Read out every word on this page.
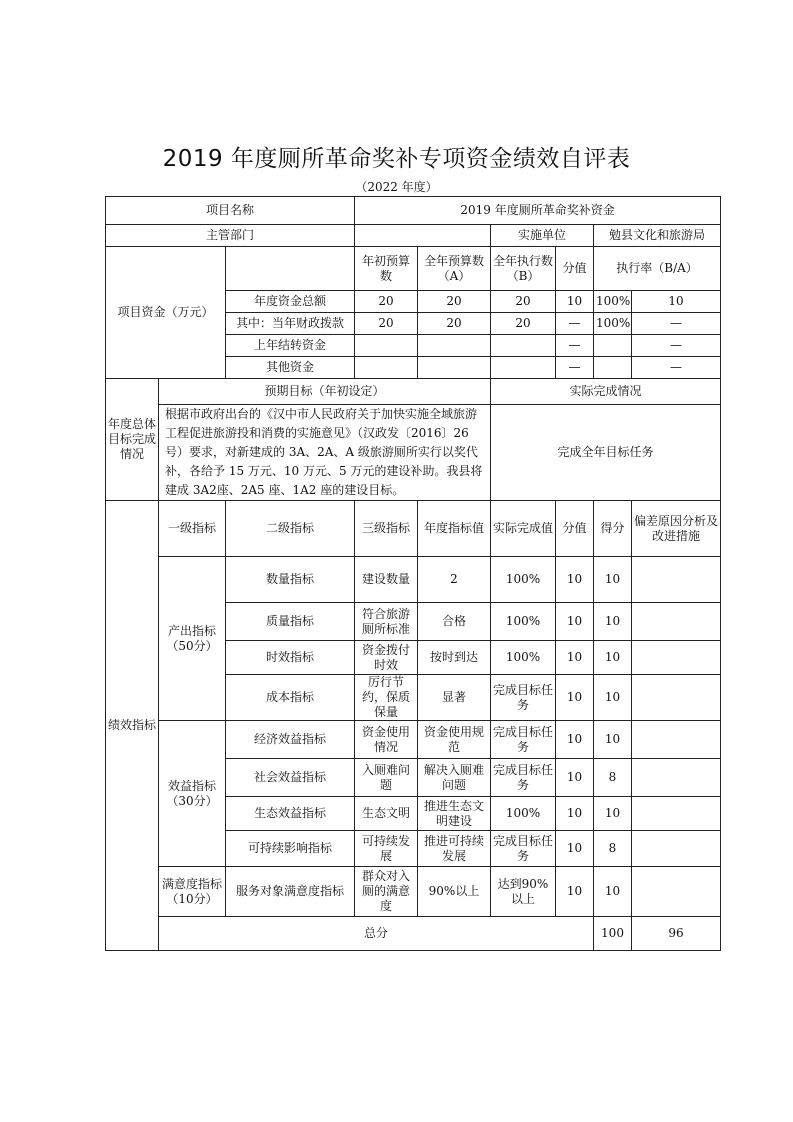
2019 年度厕所革命奖补专项资金绩效自评表
（2022 年度）
项目名称			2019 年度厕所革命奖补资金						
主管部门					实施单位		勉县文化和旅游局		
项目资金（万元）			年初预算数	全年预算数（A）	全年执行数（B）	分值	执行率（B/A）		
		年度资金总额	20	20	20	10	100%	10	
		其中：当年财政拨款	20	20	20	—	100%	—	
		上年结转资金				—		—	
		其他资金				—		—	
年度总体目标完成情况	预期目标（年初设定）				实际完成情况				
	根据市政府出台的《汉中市人民政府关于加快实施全域旅游工程促进旅游投和消费的实施意见》（汉政发〔2016〕26 号）要求，对新建成的 3A、2A、A 级旅游厕所实行以奖代补，各给予 15 万元、10 万元、5 万元的建设补助。我县将建成 3A2座、2A5 座、1A2 座的建设目标。				完成全年目标任务				
绩效指标	一级指标	二级指标	三级指标	年度指标值	实际完成值	分值	得分	偏差原因分析及改进措施	
	产出指标（50分）	数量指标	建设数量	2	100%	10	10		
		质量指标	符合旅游厕所标准	合格	100%	10	10		
		时效指标	资金拨付时效	按时到达	100%	10	10		
		成本指标	厉行节约，保质保量	显著	完成目标任务	10	10		
	效益指标（30分）	经济效益指标	资金使用情况	资金使用规范	完成目标任务	10	10		
		社会效益指标	入厕难问题	解决入厕难问题	完成目标任务	10	8		
		生态效益指标	生态文明	推进生态文明建设	100%	10	10		
		可持续影响指标	可持续发展	推进可持续发展	完成目标任务	10	8		
	满意度指标（10分）	服务对象满意度指标	群众对入厕的满意度	90%以上	达到90%以上	10	10		
	总分						100	96	
